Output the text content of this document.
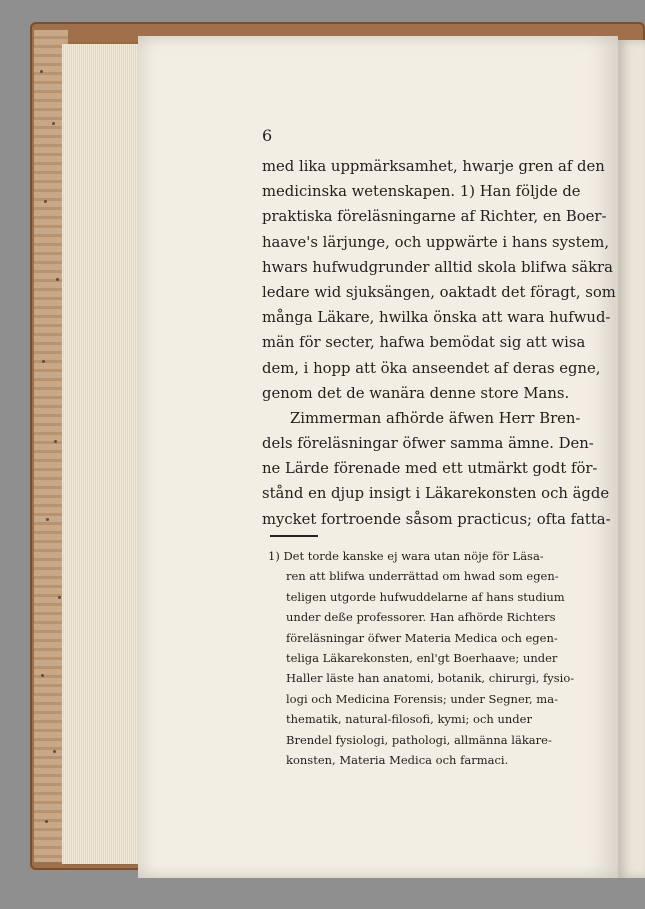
6
med lika uppmärksamhet, hwarje gren af den
medicinska wetenskapen. 1) Han följde de
praktiska föreläsningarne af Richter, en Boer-
haave's lärjunge, och uppwärte i hans system,
hwars hufwudgrunder alltid skola blifwa säkra
ledare wid sjuksängen, oaktadt det föragt, som
många Läkare, hwilka önska att wara hufwud-
män för secter, hafwa bemödat sig att wisa
dem, i hopp att öka anseendet af deras egne,
genom det de wanära denne store Mans.
Zimmerman afhörde äfwen Herr Bren-
dels föreläsningar öfwer samma ämne. Den-
ne Lärde förenade med ett utmärkt godt för-
stånd en djup insigt i Läkarekonsten och ägde
mycket fortroende såsom practicus; ofta fatta-
1) Det torde kanske ej wara utan nöje för Läsa-
ren att blifwa underrättad om hwad som egen-
teligen utgorde hufwuddelarne af hans studium
under deße professorer. Han afhörde Richters
föreläsningar öfwer Materia Medica och egen-
teliga Läkarekonsten, enl'gt Boerhaave; under
Haller läste han anatomi, botanik, chirurgi, fysio-
logi och Medicina Forensis; under Segner, ma-
thematik, natural-filosofi, kymi; och under
Brendel fysiologi, pathologi, allmänna läkare-
konsten, Materia Medica och farmaci.
